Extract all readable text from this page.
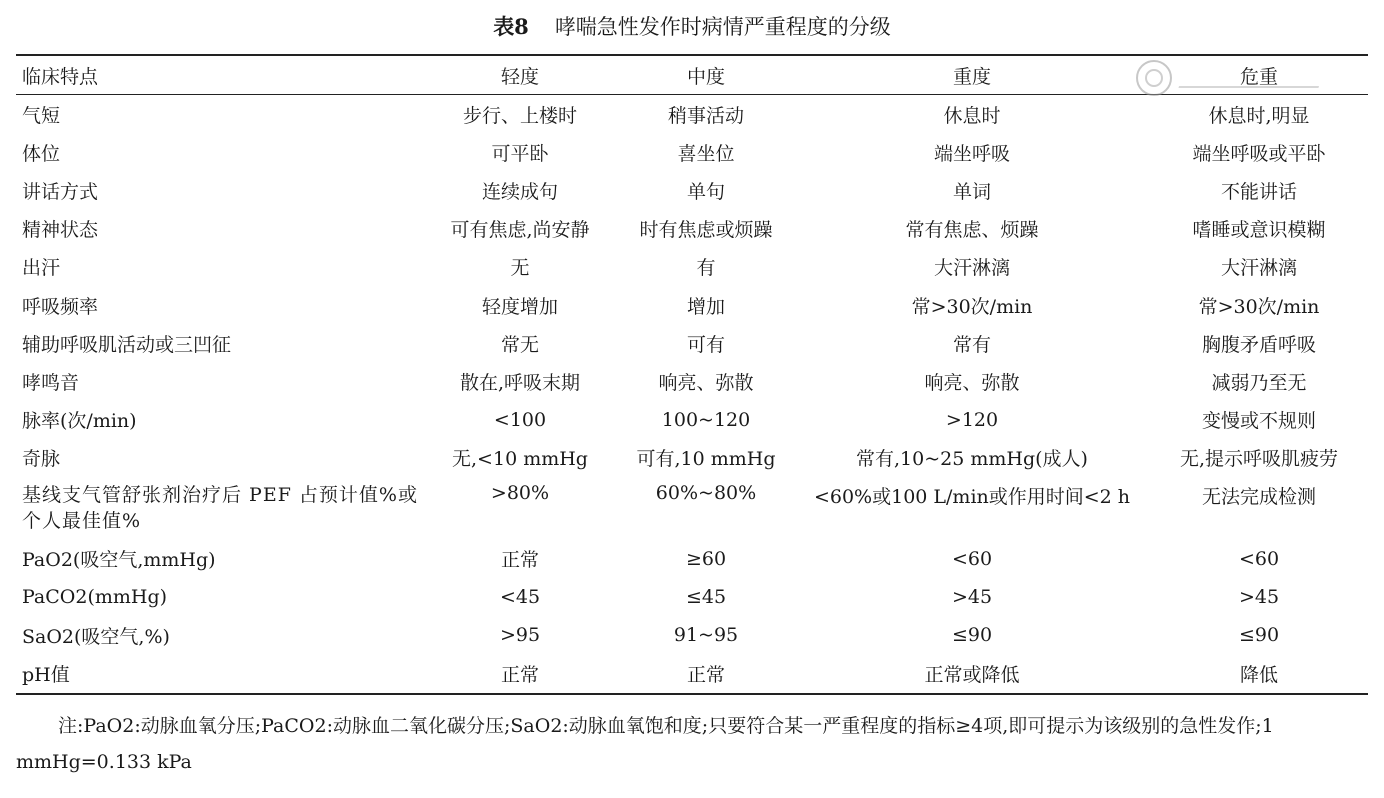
表8 哮喘急性发作时病情严重程度的分级
临床特点	轻度	中度	重度	危重
气短	步行、上楼时	稍事活动	休息时	休息时,明显
体位	可平卧	喜坐位	端坐呼吸	端坐呼吸或平卧
讲话方式	连续成句	单句	单词	不能讲话
精神状态	可有焦虑,尚安静	时有焦虑或烦躁	常有焦虑、烦躁	嗜睡或意识模糊
出汗	无	有	大汗淋漓	大汗淋漓
呼吸频率	轻度增加	增加	常>30次/min	常>30次/min
辅助呼吸肌活动或三凹征	常无	可有	常有	胸腹矛盾呼吸
哮鸣音	散在,呼吸末期	响亮、弥散	响亮、弥散	减弱乃至无
脉率(次/min)	<100	100~120	>120	变慢或不规则
奇脉	无,<10 mmHg	可有,10 mmHg	常有,10~25 mmHg(成人)	无,提示呼吸肌疲劳

基线支气管舒张剂治疗后 PEF 占预计值%或个人最佳值%	>80%	60%~80%	<60%或100 L/min或作用时间<2 h	无法完成检测
PaO2(吸空气,mmHg)	正常	≥60	<60	<60
PaCO2(mmHg)	<45	≤45	>45	>45
SaO2(吸空气,%)	>95	91~95	≤90	≤90
pH值	正常	正常	正常或降低	降低
注:PaO2:动脉血氧分压;PaCO2:动脉血二氧化碳分压;SaO2:动脉血氧饱和度;只要符合某一严重程度的指标≥4项,即可提示为该级别的急性发作;1 mmHg=0.133 kPa
